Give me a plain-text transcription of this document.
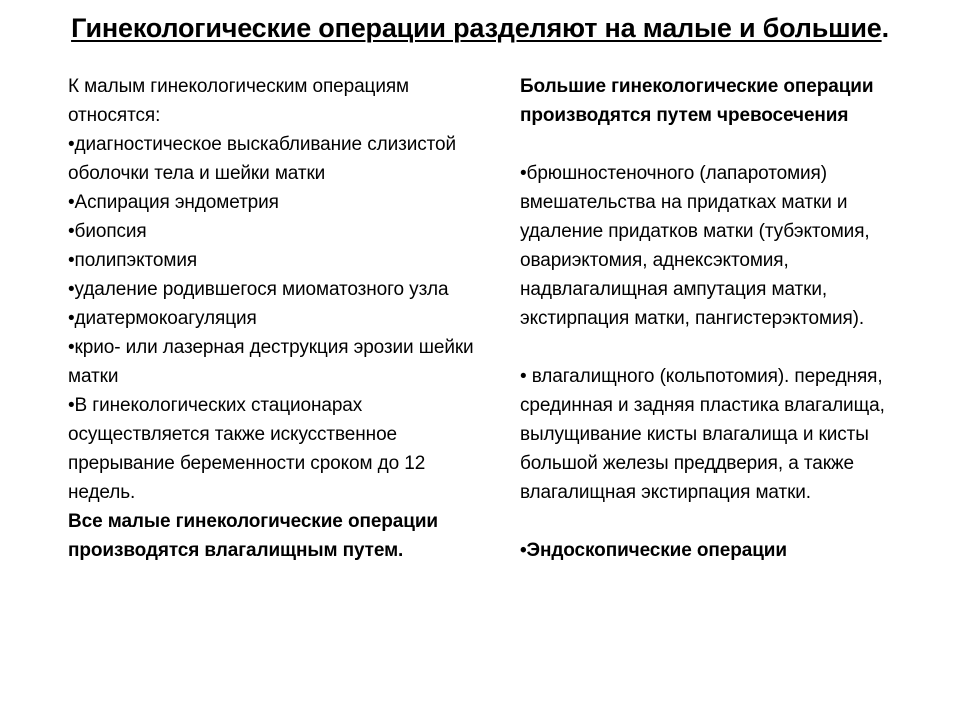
Гинекологические операции разделяют на малые и большие.

К малым гинекологическим операциям относятся:

•диагностическое выскабливание слизистой оболочки тела и шейки матки

•Аспирация эндометрия

•биопсия

•полипэктомия

•удаление родившегося миоматозного узла

•диатермокоагуляция

•крио- или лазерная деструкция эрозии шейки матки

•В гинекологических стационарах осуществляется также искусственное прерывание беременности сроком до 12 недель.

Все малые гинекологические операции производятся влагалищным путем.

Большие гинекологические операции производятся путем чревосечения

•брюшностеночного (лапаротомия) вмешательства на придатках матки и удаление придатков матки (тубэктомия, овариэктомия, аднексэктомия, надвлагалищная ампутация матки, экстирпация матки, пангистерэктомия).

• влагалищного (кольпотомия). передняя, срединная и задняя пластика влагалища, вылущивание кисты влагалища и кисты большой железы преддверия, а также влагалищная экстирпация матки.

•Эндоскопические операции
